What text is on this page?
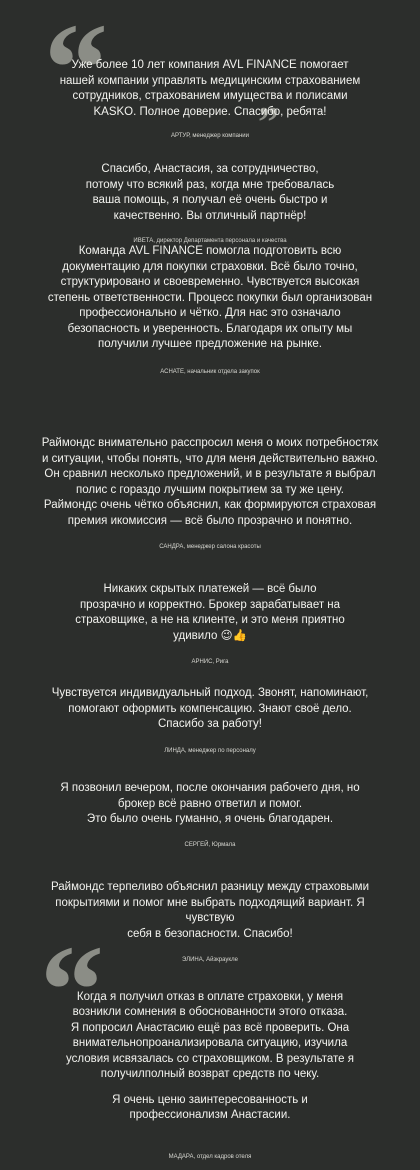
“	”
“

Уже более 10 лет компания AVL FINANCE помогает
нашей компании управлять медицинским страхованием
сотрудников, страхованием имущества и полисами
KASKO. Полное доверие. Спасибо, ребята!

АРТУР, менеджер компании

Спасибо, Анастасия, за сотрудничество,
потому что всякий раз, когда мне требовалась
ваша помощь, я получал её очень быстро и
качественно. Вы отличный партнёр!

ИВЕТА, директор Департамента персонала и качества

Команда AVL FINANCE помогла подготовить всю
документацию для покупки страховки. Всё было точно,
структурировано и своевременно. Чувствуется высокая
степень ответственности. Процесс покупки был организован
профессионально и чётко. Для нас это означало
безопасность и уверенность. Благодаря их опыту мы
получили лучшее предложение на рынке.

АСНАТЕ, начальник отдела закупок

Раймондс внимательно расспросил меня о моих потребностях
и ситуации, чтобы понять, что для меня действительно важно.
Он сравнил несколько предложений, и в результате я выбрал
полис с гораздо лучшим покрытием за ту же цену.
Раймондс очень чётко объяснил, как формируются страховая
премия икомиссия — всё было прозрачно и понятно.

САНДРА, менеджер салона красоты

Никаких скрытых платежей — всё было
прозрачно и корректно. Брокер зарабатывает на
страховщике, а не на клиенте, и это меня приятно
удивило 😉👍

АРНИС, Рига

Чувствуется индивидуальный подход. Звонят, напоминают,
помогают оформить компенсацию. Знают своё дело.
Спасибо за работу!

ЛИНДА, менеджер по персоналу

Я позвонил вечером, после окончания рабочего дня, но
брокер всё равно ответил и помог.
Это было очень гуманно, я очень благодарен.

СЕРГЕЙ, Юрмала

Раймондс терпеливо объяснил разницу между страховыми
покрытиями и помог мне выбрать подходящий вариант. Я чувствую
себя в безопасности. Спасибо!

ЭЛИНА, Айзкраукле

Когда я получил отказ в оплате страховки, у меня
возникли сомнения в обоснованности этого отказа.
Я попросил Анастасию ещё раз всё проверить. Она
внимательнопроанализировала ситуацию, изучила
условия исвязалась со страховщиком. В результате я
получилполный возврат средств по чеку.

Я очень ценю заинтересованность и
профессионализм Анастасии.

МАДАРА, отдел кадров отеля
